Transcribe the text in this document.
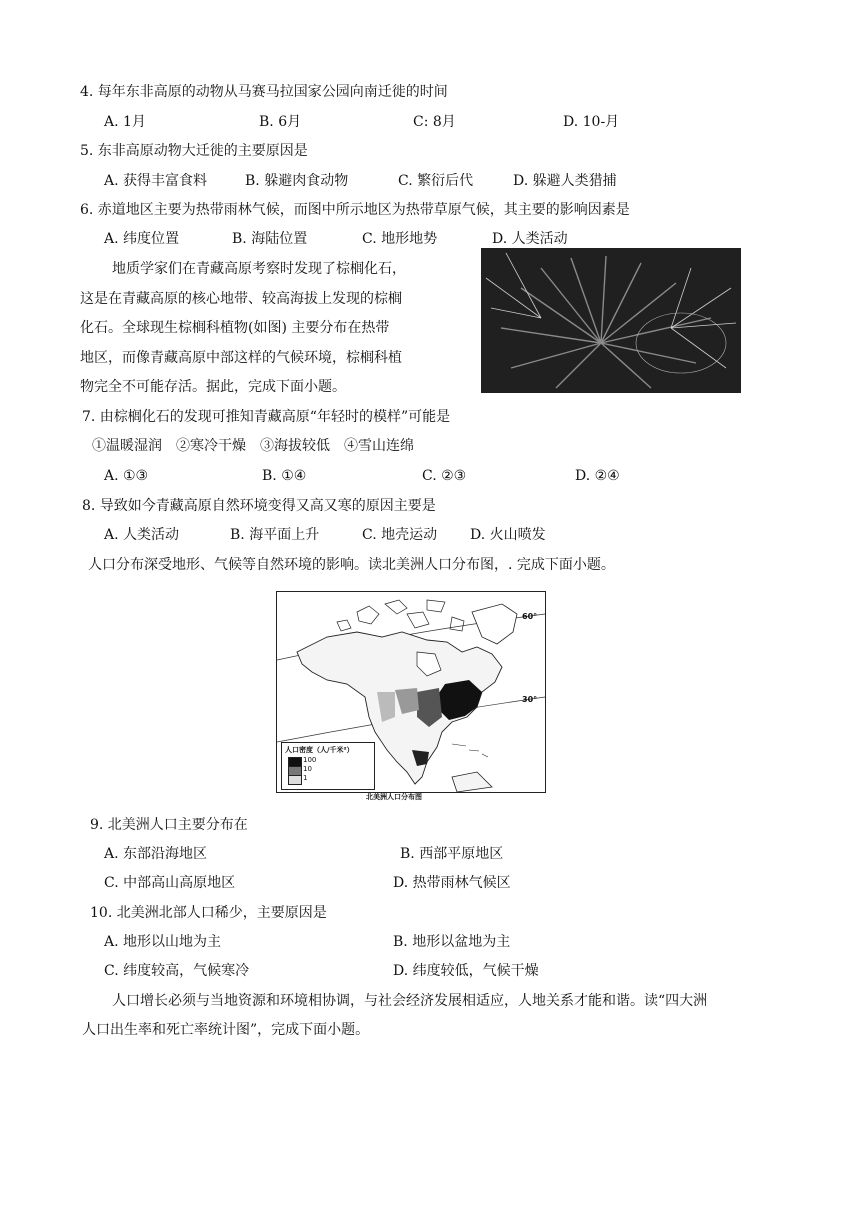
4. 每年东非高原的动物从马赛马拉国家公园向南迁徙的时间
A. 1月	B. 6月	C: 8月	D. 10-月
5. 东非高原动物大迁徙的主要原因是
A. 获得丰富食料	B. 躲避肉食动物	C. 繁衍后代	D. 躲避人类猎捕
6. 赤道地区主要为热带雨林气候，而图中所示地区为热带草原气候，其主要的影响因素是
A. 纬度位置	B. 海陆位置	C. 地形地势	D. 人类活动
地质学家们在青藏高原考察时发现了棕榈化石，
这是在青藏高原的核心地带、较高海拔上发现的棕榈
化石。全球现生棕榈科植物(如图) 主要分布在热带
地区，而像青藏高原中部这样的气候环境，棕榈科植
物完全不可能存活。据此，完成下面小题。
7. 由棕榈化石的发现可推知青藏高原“年轻时的模样”可能是
①温暖湿润　②寒冷干燥　③海拔较低　④雪山连绵
A. ①③	B. ①④	C. ②③	D. ②④
8. 导致如今青藏高原自然环境变得又高又寒的原因主要是
A. 人类活动	B. 海平面上升	C. 地壳运动 D. 火山喷发
人口分布深受地形、气候等自然环境的影响。读北美洲人口分布图，. 完成下面小题。
60°
30°
人口密度（人/千米²）
100
10
1
北美洲人口分布图
9. 北美洲人口主要分布在
A. 东部沿海地区	B. 西部平原地区
C. 中部高山高原地区	D. 热带雨林气候区
10. 北美洲北部人口稀少，主要原因是
A. 地形以山地为主	B. 地形以盆地为主
C. 纬度较高，气候寒冷	D. 纬度较低，气候干燥
人口增长必须与当地资源和环境相协调，与社会经济发展相适应，人地关系才能和谐。读“四大洲
人口出生率和死亡率统计图”，完成下面小题。
